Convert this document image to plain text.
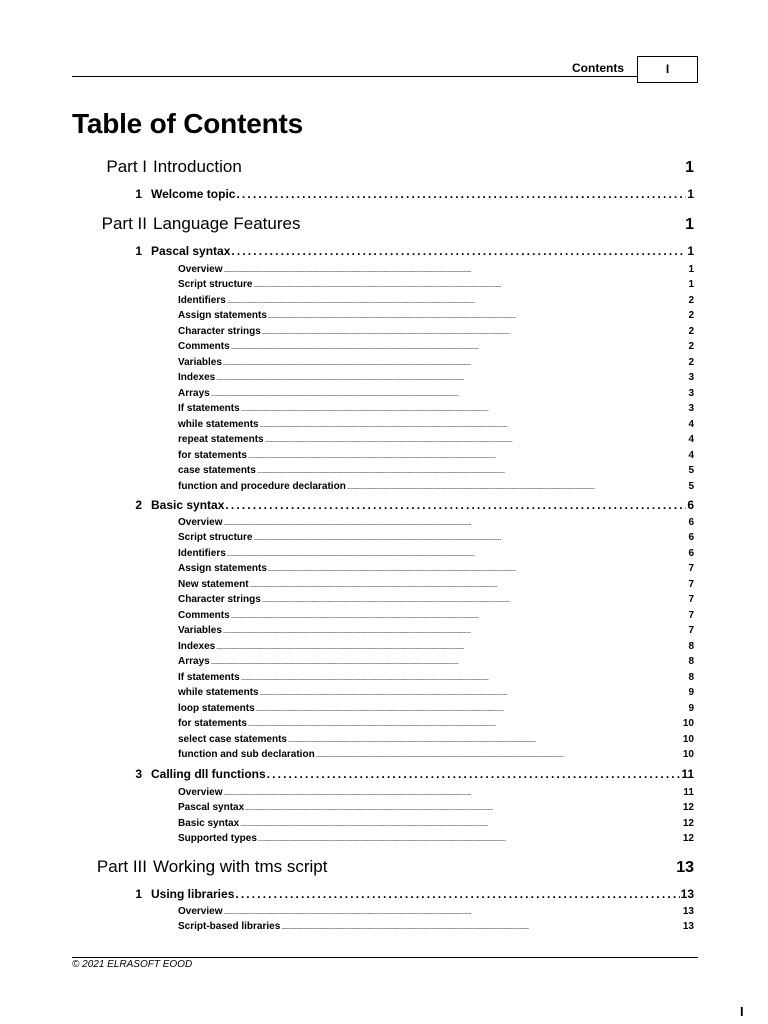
Contents	I
Table of Contents
Part I Introduction	1
1 Welcome topic . . .	1
Part II Language Features	1
1 Pascal syntax . . .	1
Overview . . .	1
Script structure . . .	1
Identifiers . . .	2
Assign statements . . .	2
Character strings . . .	2
Comments . . .	2
Variables . . .	2
Indexes . . .	3
Arrays . . .	3
If statements . . .	3
while statements . . .	4
repeat statements . . .	4
for statements . . .	4
case statements . . .	5
function and procedure declaration . . .	5
2 Basic syntax . . .	6
Overview . . .	6
Script structure . . .	6
Identifiers . . .	6
Assign statements . . .	7
New statement . . .	7
Character strings . . .	7
Comments . . .	7
Variables . . .	7
Indexes . . .	8
Arrays . . .	8
If statements . . .	8
while statements . . .	9
loop statements . . .	9
for statements . . .	10
select case statements . . .	10
function and sub declaration . . .	10
3 Calling dll functions . . .	11
Overview . . .	11
Pascal syntax . . .	12
Basic syntax . . .	12
Supported types . . .	12
Part III Working with tms script	13
1 Using libraries . . .	13
Overview . . .	13
Script-based libraries . . .	13
© 2021 ELRASOFT EOOD
I
